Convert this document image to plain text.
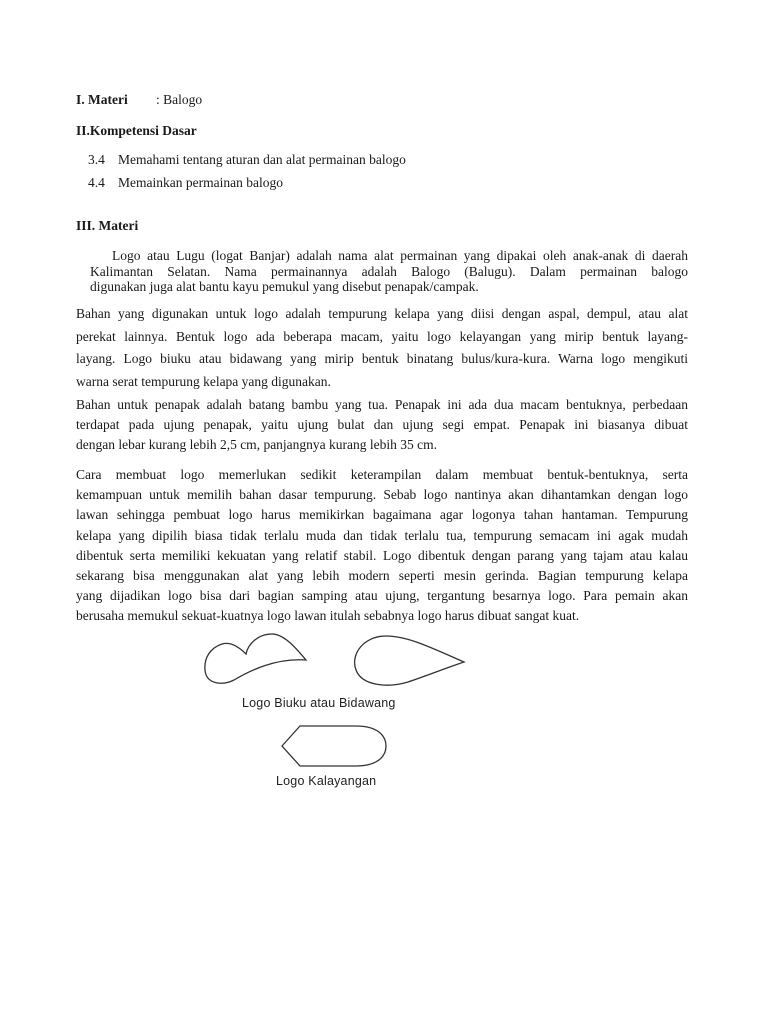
I. Materi : Balogo
II.Kompetensi Dasar
3.4 Memahami tentang aturan dan alat permainan balogo
4.4 Memainkan permainan balogo
III. Materi
Logo atau Lugu (logat Banjar) adalah nama alat permainan yang dipakai oleh anak-anak di daerah
Kalimantan Selatan. Nama permainannya adalah Balogo (Balugu). Dalam permainan balogo
digunakan juga alat bantu kayu pemukul yang disebut penapak/campak.
Bahan yang digunakan untuk logo adalah tempurung kelapa yang diisi dengan aspal, dempul, atau alat
perekat lainnya. Bentuk logo ada beberapa macam, yaitu logo kelayangan yang mirip bentuk layang-
layang. Logo biuku atau bidawang yang mirip bentuk binatang bulus/kura-kura. Warna logo mengikuti
warna serat tempurung kelapa yang digunakan.
Bahan untuk penapak adalah batang bambu yang tua. Penapak ini ada dua macam bentuknya, perbedaan
terdapat pada ujung penapak, yaitu ujung bulat dan ujung segi empat. Penapak ini biasanya dibuat
dengan lebar kurang lebih 2,5 cm, panjangnya kurang lebih 35 cm.
Cara membuat logo memerlukan sedikit keterampilan dalam membuat bentuk-bentuknya, serta
kemampuan untuk memilih bahan dasar tempurung. Sebab logo nantinya akan dihantamkan dengan logo
lawan sehingga pembuat logo harus memikirkan bagaimana agar logonya tahan hantaman. Tempurung
kelapa yang dipilih biasa tidak terlalu muda dan tidak terlalu tua, tempurung semacam ini agak mudah
dibentuk serta memiliki kekuatan yang relatif stabil. Logo dibentuk dengan parang yang tajam atau kalau
sekarang bisa menggunakan alat yang lebih modern seperti mesin gerinda. Bagian tempurung kelapa
yang dijadikan logo bisa dari bagian samping atau ujung, tergantung besarnya logo. Para pemain akan
berusaha memukul sekuat-kuatnya logo lawan itulah sebabnya logo harus dibuat sangat kuat.
Logo Biuku atau Bidawang
Logo Kalayangan
